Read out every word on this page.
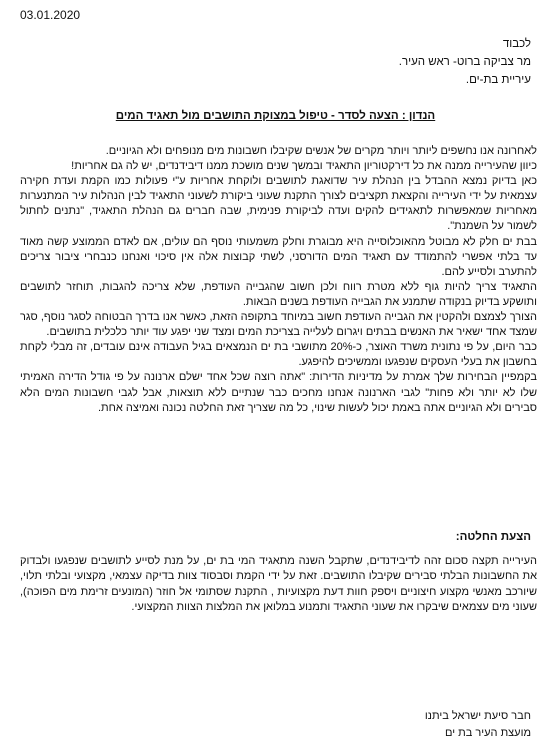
03.01.2020
לכבוד
מר צביקה ברוט- ראש העיר.
עיריית בת-ים.
הנדון : הצעה לסדר - טיפול במצוקת התושבים מול תאגיד המים

לאחרונה אנו נחשפים ליותר ויותר מקרים של אנשים שקיבלו חשבונות מים מנופחים ולא הגיוניים.

כיוון שהעירייה ממנה את כל דירקטוריון התאגיד ובמשך שנים מושכת ממנו דיבידנדים, יש לה גם אחריות!

כאן בדיוק נמצא ההבדל בין הנהלת עיר שדואגת לתושבים ולוקחת אחריות ע"י פעולות כמו הקמת ועדת חקירה עצמאית על ידי העירייה והקצאת תקציבים לצורך התקנת שעוני ביקורת לשעוני התאגיד לבין הנהלות עיר המתנערות מאחריות שמאפשרות לתאגידים להקים ועדה לביקורת פנימית, שבה חברים גם הנהלת התאגיד, "נתנים לחתול לשמור על השמנת".

בבת ים חלק לא מבוטל מהאוכלוסייה היא מבוגרת וחלק משמעותי נוסף הם עולים, אם לאדם הממוצע קשה מאוד עד בלתי אפשרי להתמודד עם תאגיד המים הדורסני, לשתי קבוצות אלה אין סיכוי ואנחנו כנבחרי ציבור צריכים להתערב ולסייע להם.

התאגיד צריך להיות גוף ללא מטרת רווח ולכן חשוב שהגבייה העודפת, שלא צריכה להגבות, תוחזר לתושבים ותושקע בדיוק בנקודה שתמנע את הגבייה העודפת בשנים הבאות.

הצורך לצמצם ולהקטין את הגבייה העודפת חשוב במיוחד בתקופה הזאת, כאשר אנו בדרך הבטוחה לסגר נוסף, סגר שמצד אחד ישאיר את האנשים בבתים ויגרום לעלייה בצריכת המים ומצד שני יפגע עוד יותר כלכלית בתושבים.

כבר היום, על פי נתונית משרד האוצר, כ-20% מתושבי בת ים הנמצאים בגיל העבודה אינם עובדים, זה מבלי לקחת בחשבון את בעלי העסקים שנפגעו וממשיכים להיפגע.

בקמפיין הבחירות שלך אמרת על מדיניות הדירות: "אתה רוצה שכל אחד ישלם ארנונה על פי גודל הדירה האמיתי שלו לא יותר ולא פחות" לגבי הארנונה אנחנו מחכים כבר שנתיים ללא תוצאות, אבל לגבי חשבונות המים הלא סבירים ולא הגיוניים אתה באמת יכול לעשות שינוי, כל מה שצריך זאת החלטה נכונה ואמיצה אחת.

הצעת החלטה:
העירייה תקצה סכום זהה לדיבידנדים, שתקבל השנה מתאגיד המי בת ים, על מנת לסייע לתושבים שנפגעו ולבדוק את החשבונות הבלתי סבירים שקיבלו התושבים. זאת על ידי הקמת וסבסוד צוות בדיקה עצמאי, מקצועי ובלתי תלוי, שיורכב מאנשי מקצוע חיצוניים ויספק חוות דעת מקצועיות , התקנת שסתומי אל חוזר (המונעים זרימת מים הפוכה), שעוני מים עצמאים שיבקרו את שעוני התאגיד ותמנוע במלואן את המלצות הצוות המקצועי.
חבר סיעת ישראל ביתנו
מועצת העיר בת ים
